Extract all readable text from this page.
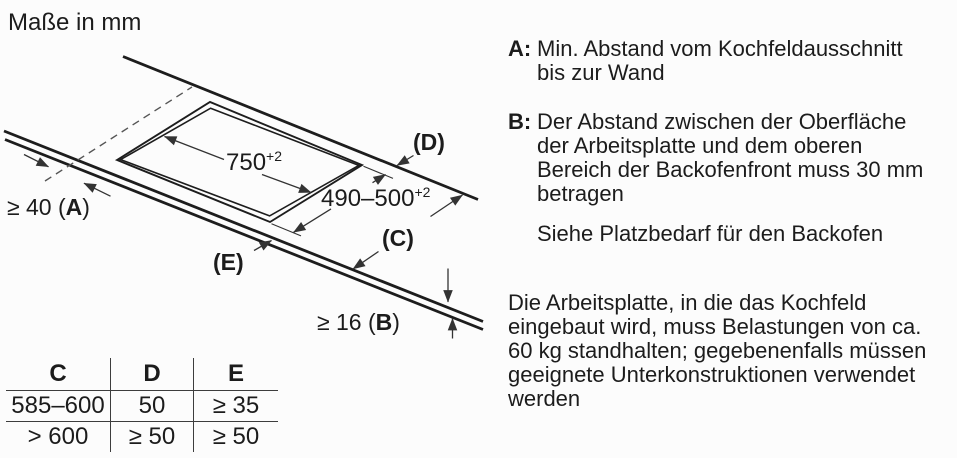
Maße in mm
$750^{+2}$
$490-500^{+2}$
≥ 40 (A)
≥ 16 (B)
(C)
(D)
(E)
C	D	E
585–600	50	≥ 35
> 600	≥ 50	≥ 50
A: Min. Abstand vom Kochfeldausschnitt
bis zur Wand
B: Der Abstand zwischen der Oberfläche
der Arbeitsplatte und dem oberen
Bereich der Backofenfront muss 30 mm
betragen
Siehe Platzbedarf für den Backofen
Die Arbeitsplatte, in die das Kochfeld
eingebaut wird, muss Belastungen von ca.
60 kg standhalten; gegebenenfalls müssen
geeignete Unterkonstruktionen verwendet
werden
